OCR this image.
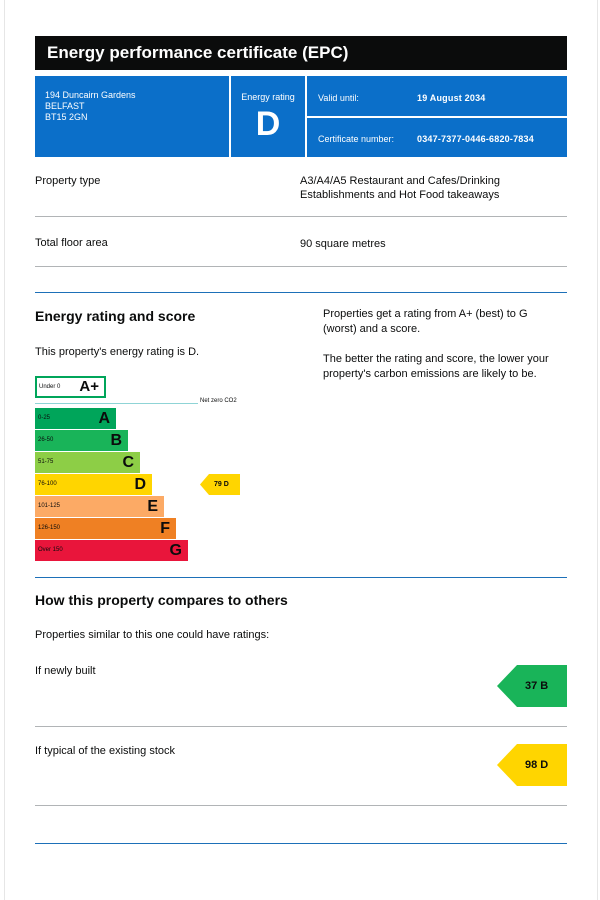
Energy performance certificate (EPC)
194 Duncairn Gardens
BELFAST
BT15 2GN
Energy rating
D
Valid until:	19 August 2034
Certificate number:	0347-7377-0446-6820-7834
Property type	A3/A4/A5 Restaurant and Cafes/Drinking Establishments and Hot Food takeaways
Total floor area	90 square metres
Energy rating and score
This property's energy rating is D.
Properties get a rating from A+ (best) to G (worst) and a score.
The better the rating and score, the lower your property's carbon emissions are likely to be.
Under 0 A+
Net zero CO2
0-25	A
26-50	B
51-75	C
76-100	D
101-125	E
126-150	F
Over 150	G
79 D
How this property compares to others
Properties similar to this one could have ratings:
If newly built
37 B
If typical of the existing stock
98 D
